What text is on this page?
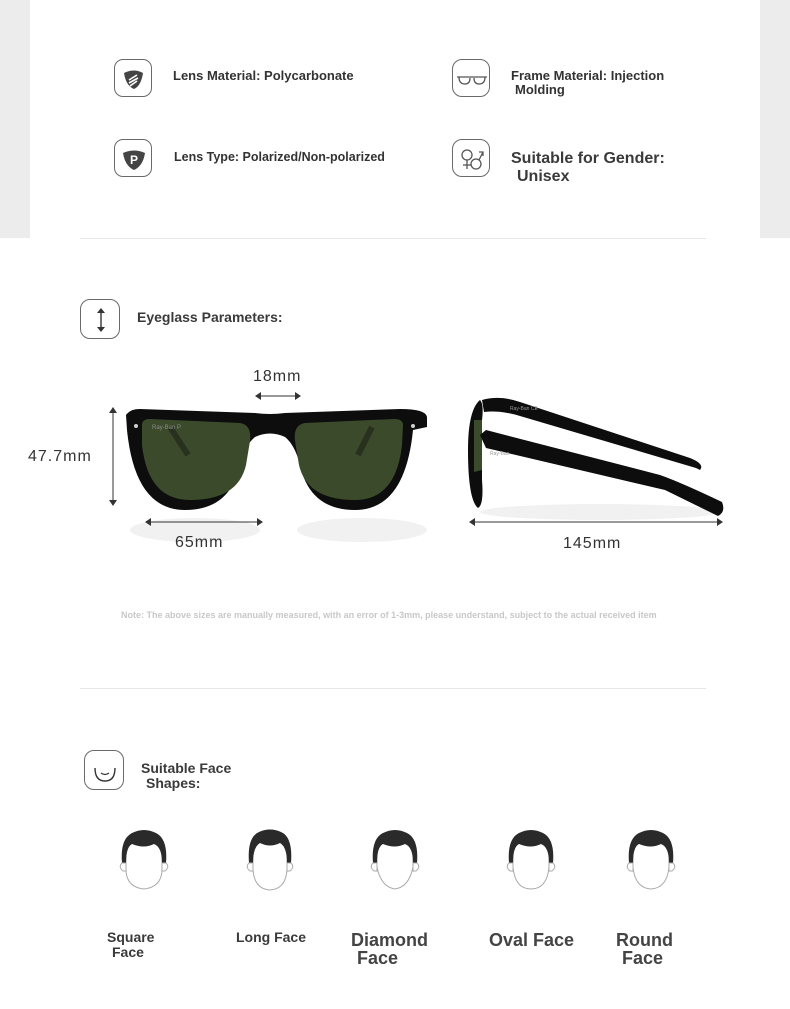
Lens Material: Polycarbonate	Frame Material: Injection
Molding
P	Lens Type: Polarized/Non-polarized	Suitable for Gender:
Unisex
Eyeglass Parameters:
Ray-Ban P
18mm
47.7mm
65mm
Ray-Ban CE
Ray-Ban
145mm
Note: The above sizes are manually measured, with an error of 1-3mm, please understand, subject to the actual received item
Suitable Face
Shapes:
Square
Face
Long Face Diamond
Face
Oval Face Round
Face
